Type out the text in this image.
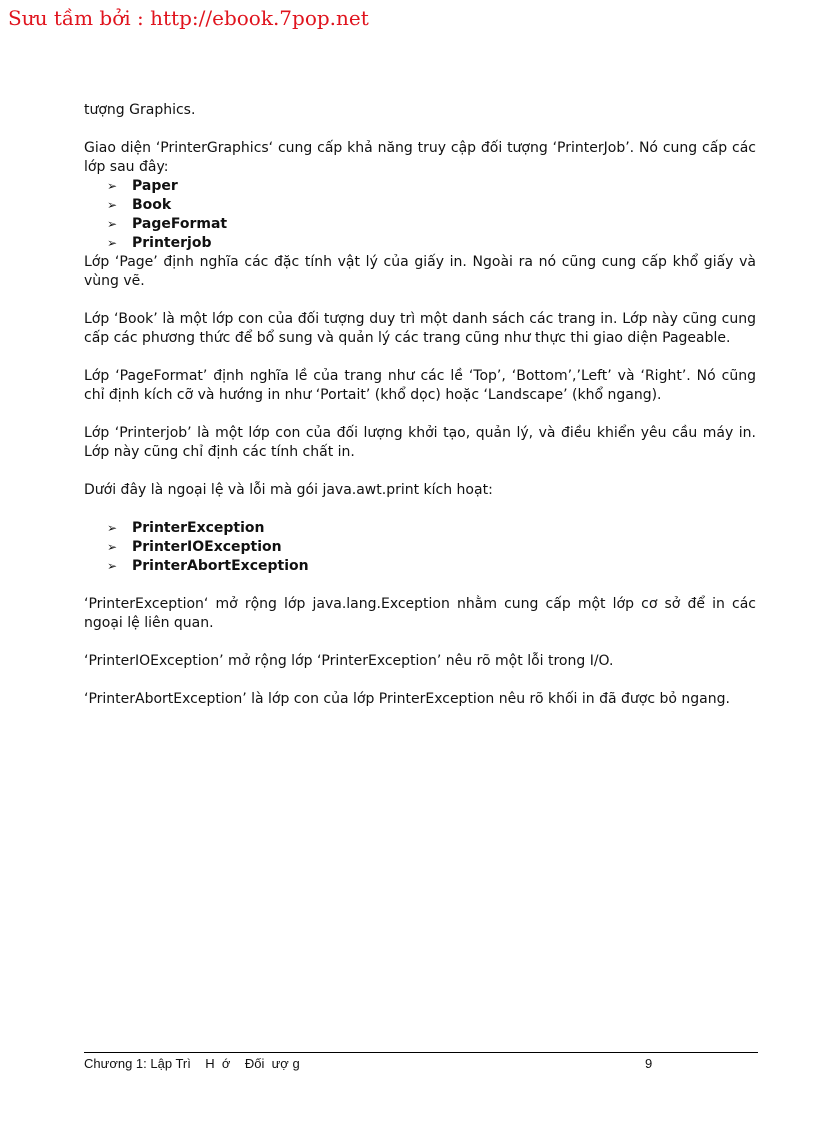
Sưu tầm bởi : http://ebook.7pop.net

tượng Graphics.

Giao diện ‘PrinterGraphics‘ cung cấp khả năng truy cập đối tượng ‘PrinterJob’. Nó cung cấp các lớp sau đây:

➢ Paper
➢ Book
➢ PageFormat
➢ Printerjob

Lớp ‘Page’ định nghĩa các đặc tính vật lý của giấy in. Ngoài ra nó cũng cung cấp khổ giấy và vùng vẽ.

Lớp ‘Book’ là một lớp con của đối tượng duy trì một danh sách các trang in. Lớp này cũng cung cấp các phương thức để bổ sung và quản lý các trang cũng như thực thi giao diện Pageable.

Lớp ‘PageFormat’ định nghĩa lề của trang như các lề ‘Top’, ‘Bottom’,’Left’ và ‘Right’. Nó cũng chỉ định kích cỡ và hướng in như ‘Portait’ (khổ dọc) hoặc ‘Landscape’ (khổ ngang).

Lớp ‘Printerjob’ là một lớp con của đối lượng khởi tạo, quản lý, và điều khiển yêu cầu máy in. Lớp này cũng chỉ định các tính chất in.

Dưới đây là ngoại lệ và lỗi mà gói java.awt.print kích hoạt:

➢ PrinterException
➢ PrinterIOException
➢ PrinterAbortException

‘PrinterException‘ mở rộng lớp java.lang.Exception nhằm cung cấp một lớp cơ sở để in các ngoại lệ liên quan.

‘PrinterIOException’ mở rộng lớp ‘PrinterException’ nêu rõ một lỗi trong I/O.

‘PrinterAbortException’ là lớp con của lớp PrinterException nêu rõ khối in đã được bỏ ngang.

Chương 1: Lập Trì    H  ớ    Đối  ượ g	9
